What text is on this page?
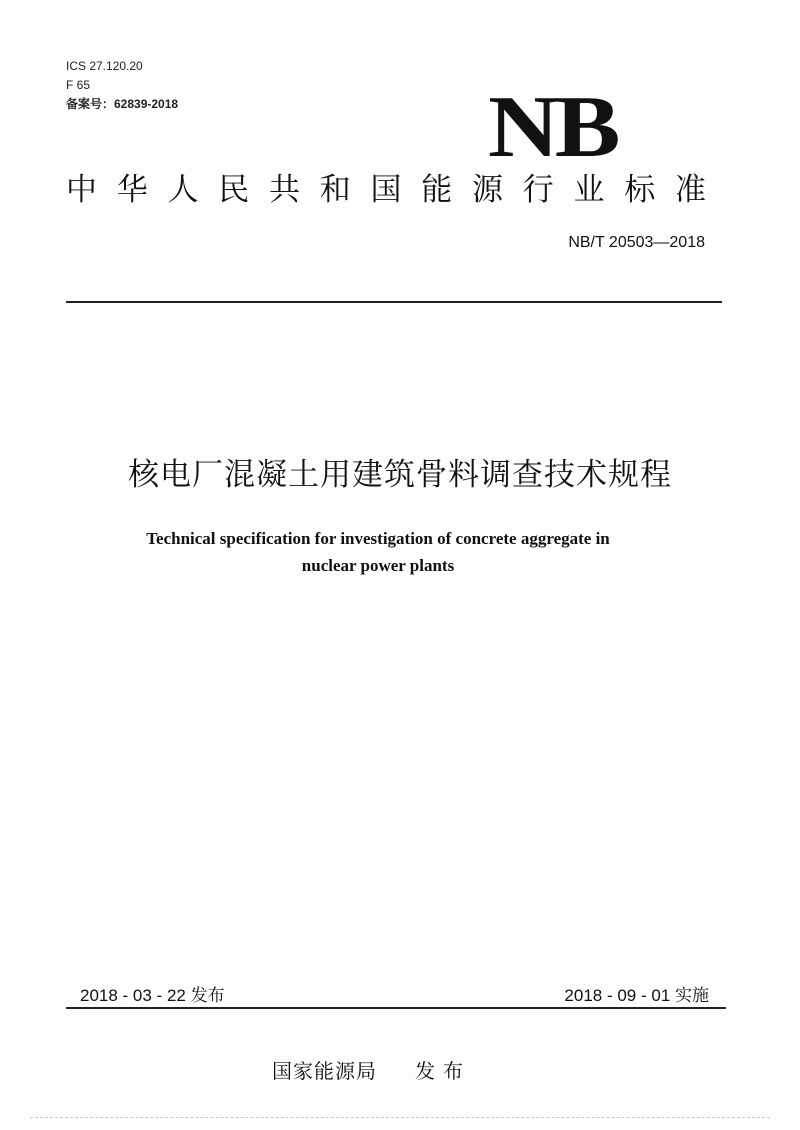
ICS 27.120.20
F 65
备案号：62839-2018	NB
中 华 人 民 共 和 国 能 源 行 业 标 准
NB/T 20503—2018
核电厂混凝土用建筑骨料调查技术规程
Technical specification for investigation of concrete aggregate in
nuclear power plants
2018 - 03 - 22 发布	2018 - 09 - 01 实施
国家能源局 发布
